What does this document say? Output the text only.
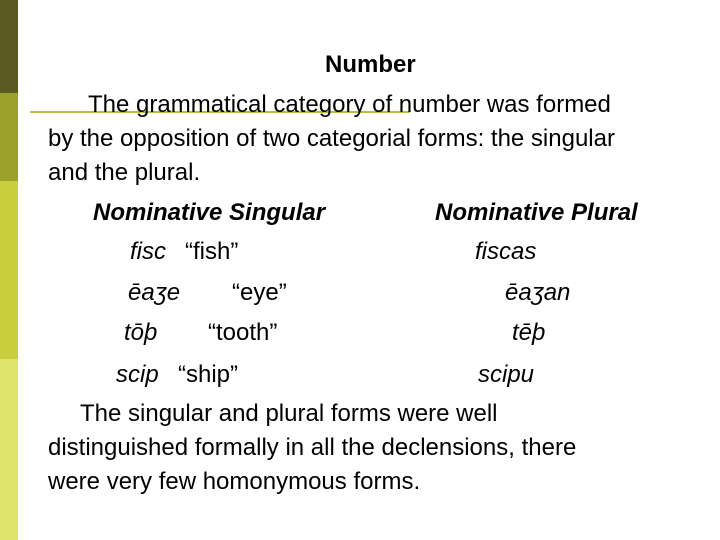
Number
The grammatical category of number was formed
by the opposition of two categorial forms: the singular
and the plural.
Nominative Singular	Nominative Plural
fisc “fish”	fiscas
ēaʒe “eye”	ēaʒan
tōþ “tooth”	tēþ
scip “ship”	scipu
The singular and plural forms were well
distinguished formally in all the declensions, there
were very few homonymous forms.
